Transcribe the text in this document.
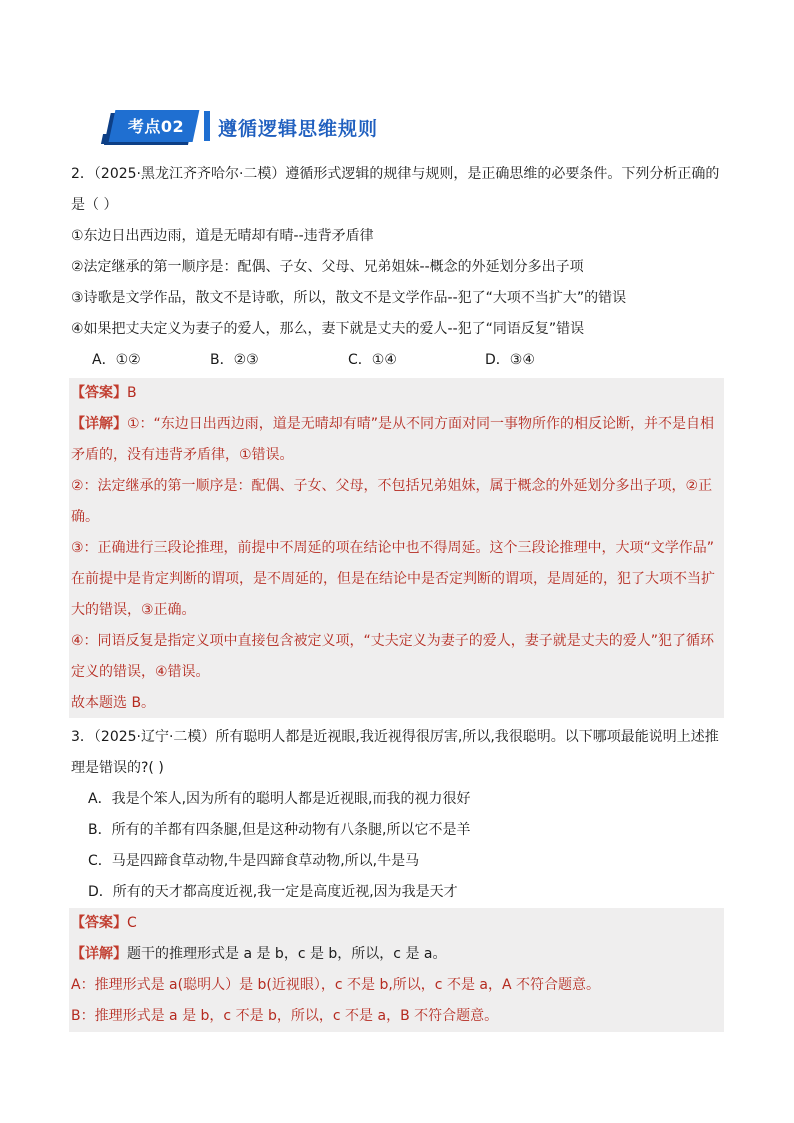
考点02	遵循逻辑思维规则
2．（2025·黑龙江齐齐哈尔·二模）遵循形式逻辑的规律与规则，是正确思维的必要条件。下列分析正确的
是（ ）
①东边日出西边雨，道是无晴却有晴--违背矛盾律
②法定继承的第一顺序是：配偶、子女、父母、兄弟姐妹--概念的外延划分多出子项
③诗歌是文学作品，散文不是诗歌，所以，散文不是文学作品--犯了“大项不当扩大”的错误
④如果把丈夫定义为妻子的爱人，那么，妻下就是丈夫的爱人--犯了“同语反复”错误
A．①②	B．②③	C．①④	D．③④
【答案】B
【详解】①：“东边日出西边雨，道是无晴却有晴”是从不同方面对同一事物所作的相反论断，并不是自相
矛盾的，没有违背矛盾律，①错误。
②：法定继承的第一顺序是：配偶、子女、父母，不包括兄弟姐妹，属于概念的外延划分多出子项，②正
确。
③：正确进行三段论推理，前提中不周延的项在结论中也不得周延。这个三段论推理中，大项“文学作品”
在前提中是肯定判断的谓项，是不周延的，但是在结论中是否定判断的谓项，是周延的，犯了大项不当扩
大的错误，③正确。
④：同语反复是指定义项中直接包含被定义项，“丈夫定义为妻子的爱人，妻子就是丈夫的爱人”犯了循环
定义的错误，④错误。
故本题选 B。
3．（2025·辽宁·二模）所有聪明人都是近视眼,我近视得很厉害,所以,我很聪明。以下哪项最能说明上述推
理是错误的?( )
A．我是个笨人,因为所有的聪明人都是近视眼,而我的视力很好
B．所有的羊都有四条腿,但是这种动物有八条腿,所以它不是羊
C．马是四蹄食草动物,牛是四蹄食草动物,所以,牛是马
D．所有的天才都高度近视,我一定是高度近视,因为我是天才
【答案】C
【详解】题干的推理形式是 a 是 b，c 是 b，所以，c 是 a。
A：推理形式是 a(聪明人）是 b(近视眼），c 不是 b,所以，c 不是 a，A 不符合题意。
B：推理形式是 a 是 b，c 不是 b，所以，c 不是 a，B 不符合题意。
